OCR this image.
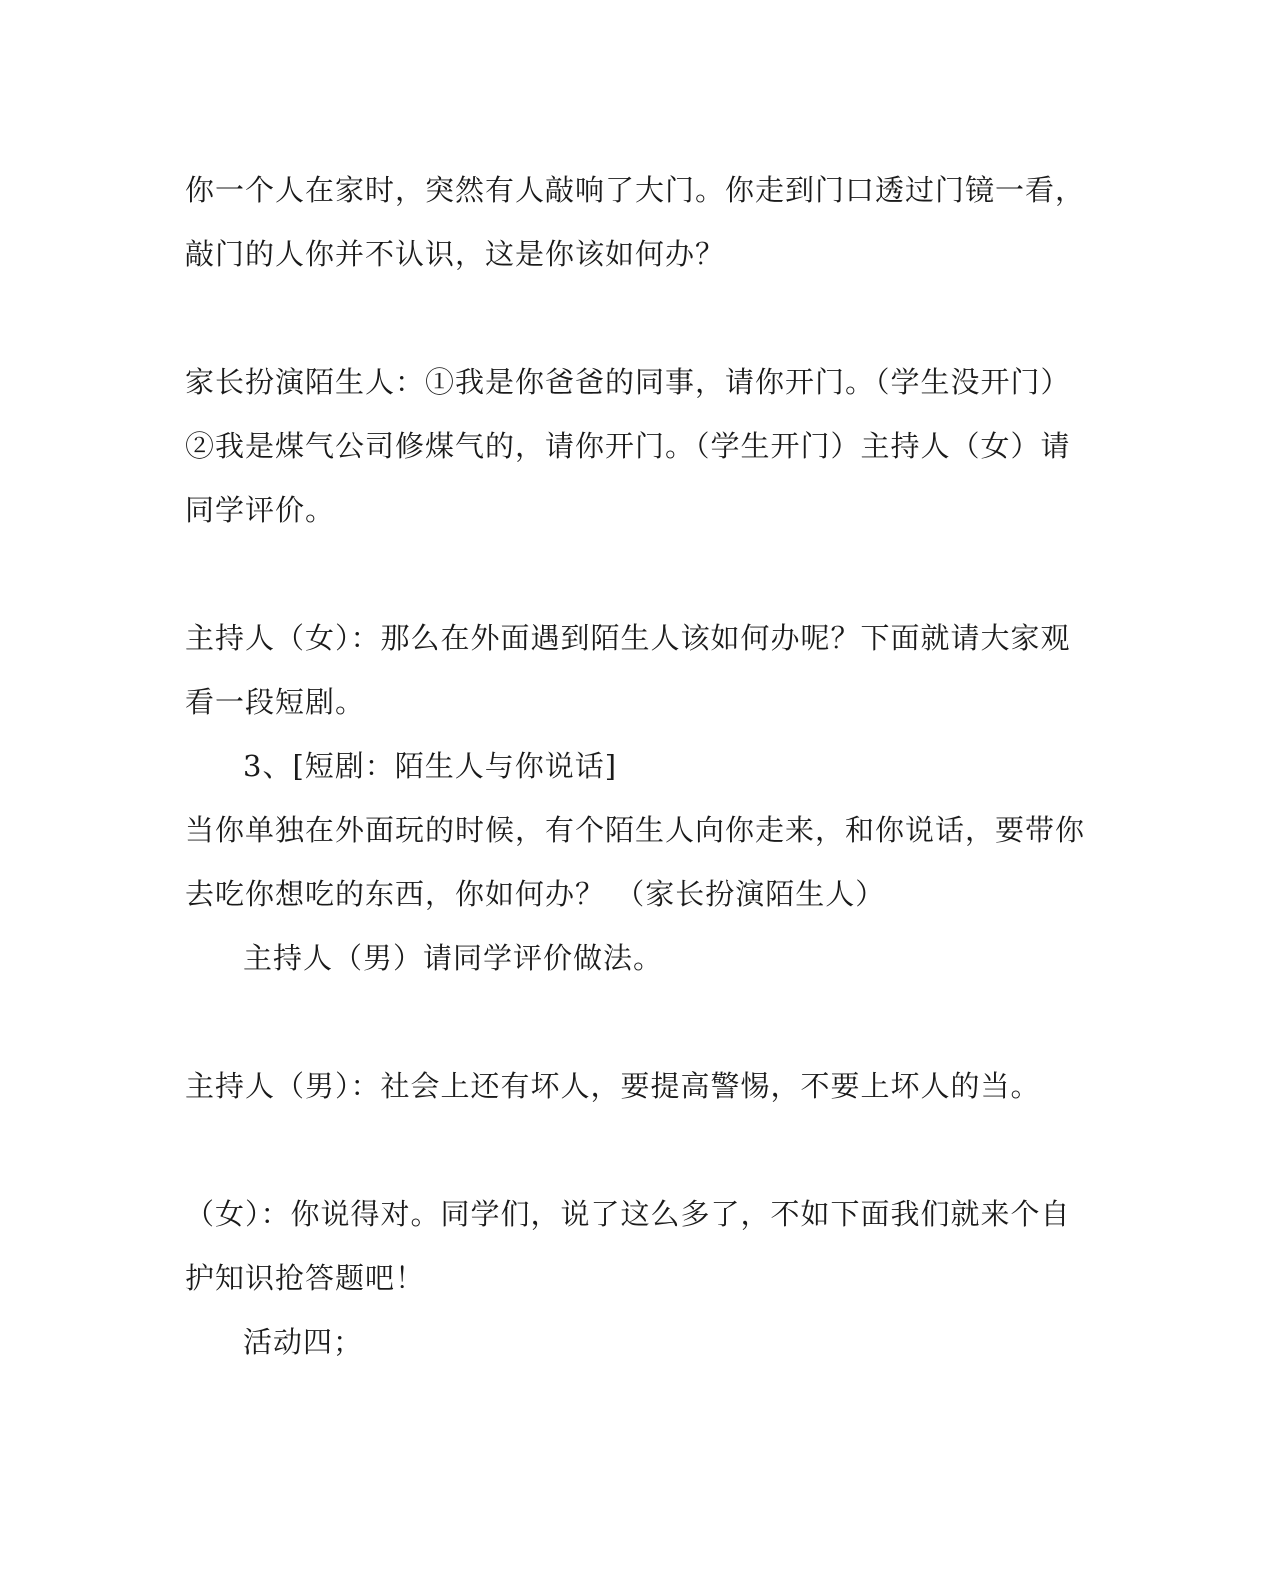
你一个人在家时，突然有人敲响了大门。你走到门口透过门镜一看，
敲门的人你并不认识，这是你该如何办？
家长扮演陌生人：①我是你爸爸的同事，请你开门。（学生没开门）
②我是煤气公司修煤气的，请你开门。（学生开门）主持人（女）请
同学评价。
主持人（女）：那么在外面遇到陌生人该如何办呢？下面就请大家观
看一段短剧。
3、[短剧：陌生人与你说话]
当你单独在外面玩的时候，有个陌生人向你走来，和你说话，要带你
去吃你想吃的东西，你如何办？ （家长扮演陌生人）
主持人（男）请同学评价做法。
主持人（男）：社会上还有坏人，要提高警惕，不要上坏人的当。
（女）：你说得对。同学们，说了这么多了，不如下面我们就来个自
护知识抢答题吧！
活动四；
